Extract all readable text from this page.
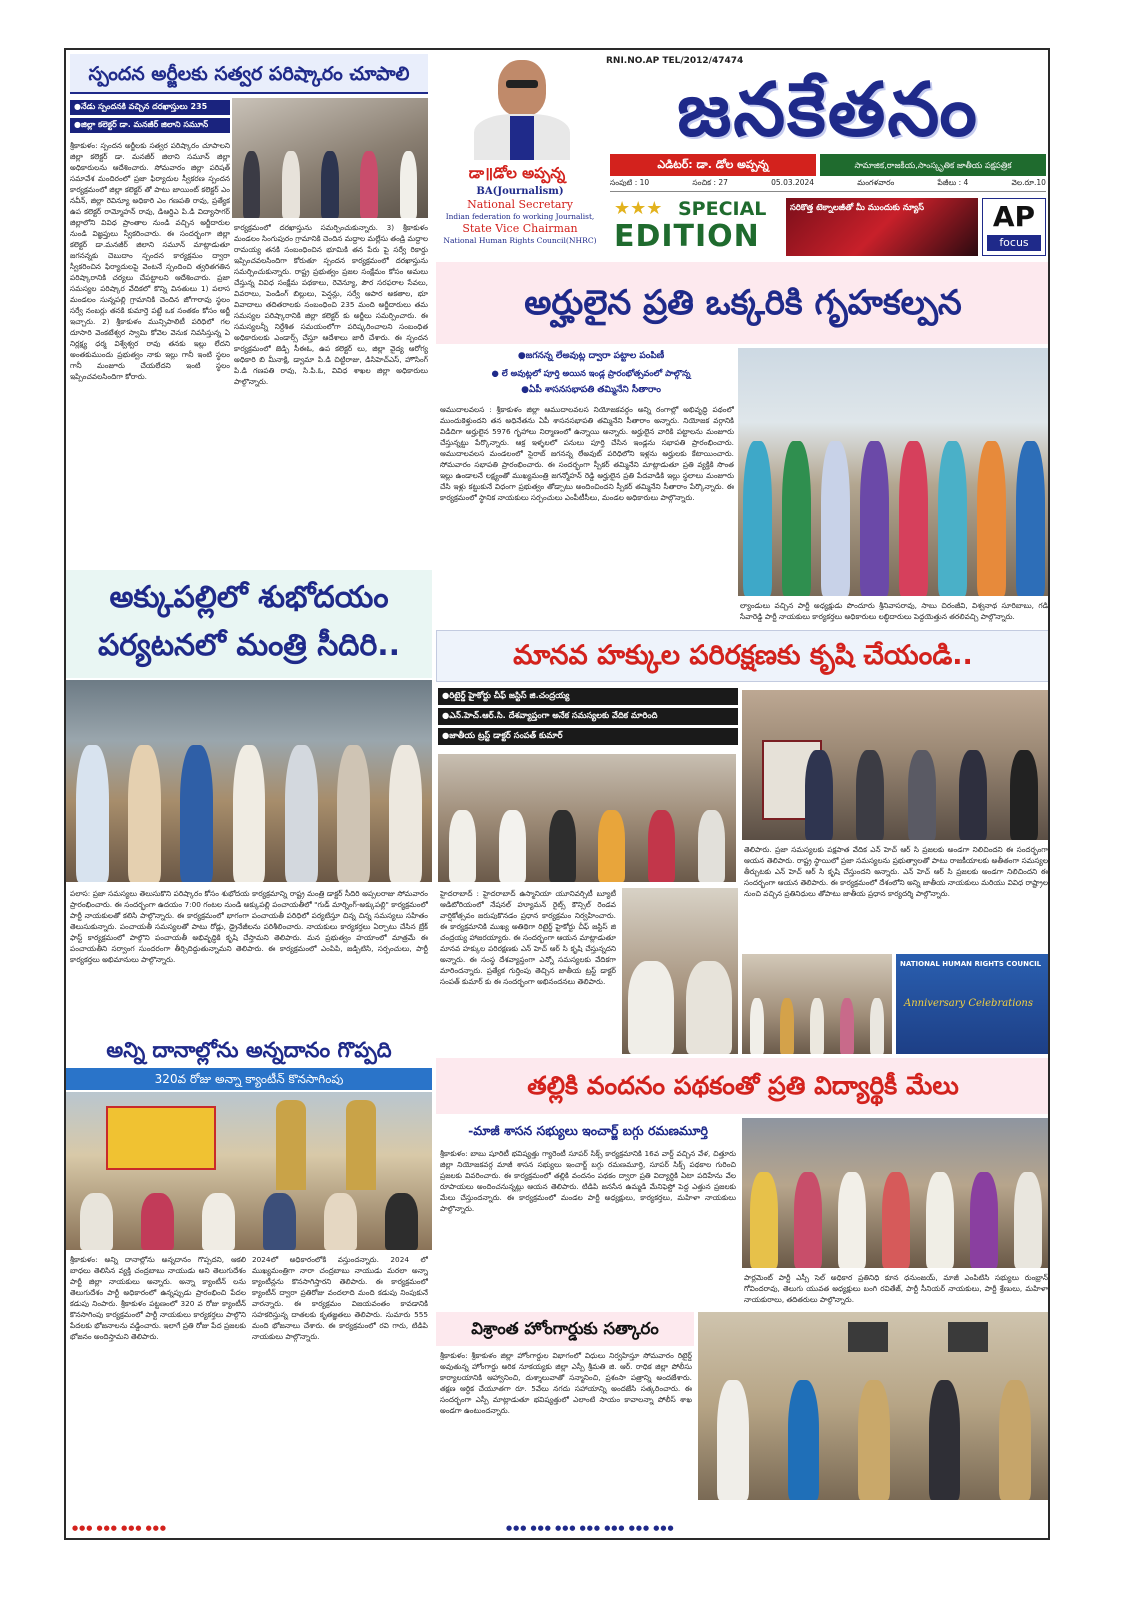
స్పందన అర్జీలకు సత్వర పరిష్కారం చూపాలి
●నేడు స్పందనకి వచ్చిన దరఖాస్తులు 235
●జిల్లా కలెక్టర్ డా. మనజీర్ జిలాని సమూన్
శ్రీకాకుళం: స్పందన అర్జీలకు సత్వర పరిష్కారం చూపాలని జిల్లా కలెక్టర్ డా. మనజీర్ జిలాని సమూన్ జిల్లా అధికారులను ఆదేశించారు. సోమవారం జిల్లా పరిషత్ సమావేశ మందిరంలో ప్రజా ఫిర్యాదుల స్వీకరణ స్పందన కార్యక్రమంలో జిల్లా కలెక్టర్ తో పాటు జాయింట్ కలెక్టర్ ఎం నవీన్, జిల్లా రెవిన్యూ అధికారి ఎం గణపతి రావు, ప్రత్యేక ఉప కలెక్టర్ రామ్మోహన్ రావు, డిఆర్డిఎ పి.డి విద్యాసాగర్ జిల్లాలోని వివిధ ప్రాంతాల నుండి వచ్చిన అర్జీదారుల నుండి విజ్ఞప్తులు స్వీకరించారు. ఈ సందర్భంగా జిల్లా కలెక్టర్ డా.మనజీర్ జిలాని సమూన్ మాట్లాడుతూ జగనన్నకు చెబుదాం స్పందన కార్యక్రమం ద్వారా స్వీకరించిన ఫిర్యాదులపై వెంటనే స్పందించి త్వరితగతిన పరిష్కారానికి చర్యలు చేపట్టాలని ఆదేశించారు. ప్రజా సమస్యల పరిష్కార వేదికలో కొన్ని వినతులు 1) పలాస మండలం సున్నపల్లి గ్రామానికి చెందిన జోగారావు స్థలం సర్వే నంబర్లు తనకి కుమార్తె పట్టే ఒక సంతకం కోసం అర్జీ ఇచ్చారు. 2) శ్రీకాకుళం మున్సిపాలిటీ పరిధిలో గల దూసారి వెంకటేశ్వర స్వామి కోవెల వెనుక నివసిస్తున్న ఏ నిర్లక్ష్య ధర్మ విశ్వేశ్వర రావు తనకు ఇల్లు లేదని అంతకుముందు ప్రభుత్వం నాకు ఇల్లు గానీ ఇంటి స్థలం గానీ మంజూరు చేయలేదని ఇంటి స్థలం ఇప్పించవలసిందిగా కోరారు.
కార్యక్రమంలో దరఖాస్తును సమర్పించుకున్నారు. 3) శ్రీకాకుళం మండలం సింగుపురం గ్రామానికి చెందిన మద్దాల మల్లేసు తండ్రి మద్దాల రామయ్య తనకి సంబంధించిన భూమికి తన పేరు పై సర్వే రికార్డు ఇప్పించవలసిందిగా కోరుతూ స్పందన కార్యక్రమంలో దరఖాస్తును సమర్పించుకున్నారు. రాష్ట్ర ప్రభుత్వం ప్రజల సంక్షేమం కోసం అమలు చేస్తున్న వివిధ సంక్షేమ పథకాలు, రెవెన్యూ, పౌర సరఫరాల సేవలు, వివరాలు, పెండింగ్ బిల్లులు, పెన్షన్లు, సర్వే ఆపార అకతాల, భూ వివాదాలు తదితరాలకు సంబంధించి 235 మంది అర్జీదారులు తమ సమస్యల పరిష్కారానికి జిల్లా కలెక్టర్ కు అర్జీలు సమర్పించారు. ఈ సమస్యలన్నీ నిర్దేశిత సమయంలోగా పరిష్కరించాలని సంబంధిత అధికారులకు ఎండార్స్ చేస్తూ ఆదేశాలు జారీ చేశారు. ఈ స్పందన కార్యక్రమంలో జెడ్పి సీఈఓ, ఉప కలెక్టర్ లు, జిల్లా వైద్య ఆరోగ్య అధికారి బి మీనాక్షి, డ్వామా పి.డి చిట్టిరాజు, డిసిహెచ్ఎస్, హౌసింగ్ పి.డి గణపతి రావు, సి.పి.ఓ, వివిధ శాఖల జిల్లా అధికారులు పాల్గొన్నారు.
అక్కుపల్లిలో శుభోదయం
పర్యటనలో మంత్రి సీదిరి..
పలాస: ప్రజా సమస్యలు తెలుసుకొని పరిష్కారం కోసం శుభోదయ కార్యక్రమాన్ని రాష్ట్ర మంత్రి డాక్టర్ సీదిరి అప్పలరాజు సోమవారం ప్రారంభించారు. ఈ సందర్భంగా ఉదయం 7:00 గంటల నుండి అక్కుపల్లి పంచాయతీలో "గుడ్ మార్నింగ్-అక్కుపల్లి" కార్యక్రమంలో పార్టీ నాయకులతో కలిసి పాల్గొన్నారు. ఈ కార్యక్రమంలో భాగంగా పంచాయతీ పరిధిలో పర్యటిస్తూ చిన్న చిన్న సమస్యలు సహితం తెలుసుకున్నారు. పంచాయతీ సమస్యలతో పాటు రోడ్లు, డ్రైనేజీలను పరిశీలించారు. నాయకులు కార్యకర్తలు ఏర్పాటు చేసిన బ్రేక్ ఫాస్ట్ కార్యక్రమంలో పాల్గొని పంచాయతీ అభివృద్ధికి కృషి చేస్తామని తెలిపారు. మన ప్రభుత్వం హయాంలో మాత్రమే ఈ పంచాయతీని సర్వాంగ సుందరంగా తీర్చిదిద్దుతున్నామని తెలిపారు. ఈ కార్యక్రమంలో ఎంపిపి, జడ్పిటిసి, సర్పంచులు, పార్టీ కార్యకర్తలు అభిమానులు పాల్గొన్నారు.
అన్ని దానాల్లోను అన్నదానం గొప్పది
320వ రోజు అన్నా క్యాంటీన్ కొనసాగింపు
శ్రీకాకుళం: అన్ని దానాల్లోను అన్నదానం గొప్పదని, ఆకలి బాధలు తెలిసిన వ్యక్తి చంద్రబాబు నాయుడు అని తెలుగుదేశం పార్టీ జిల్లా నాయకులు అన్నారు. అన్నా క్యాంటీన్ లను తెలుగుదేశం పార్టీ అధికారంలో ఉన్నప్పుడు ప్రారంభించి పేదల కడుపు నింపారు. శ్రీకాకుళం పట్టణంలో 320 వ రోజు క్యాంటీన్ కొనసాగింపు కార్యక్రమంలో పార్టీ నాయకులు కార్యకర్తలు పాల్గొని పేదలకు భోజనాలను వడ్డించారు. ఇలాగే ప్రతి రోజు పేద ప్రజలకు భోజనం అందిస్తామని తెలిపారు.
2024లో అధికారంలోకి వస్తుందన్నారు. 2024 లో ముఖ్యమంత్రిగా నారా చంద్రబాబు నాయుడు మరలా అన్నా క్యాంటీన్లను కొనసాగిస్తారని తెలిపారు. ఈ కార్యక్రమంలో క్యాంటీన్ ద్వారా ప్రతిరోజు వందలాది మంది కడుపు నింపుకునే వారన్నారు. ఈ కార్యక్రమం విజయవంతం కావడానికి సహకరిస్తున్న దాతలకు కృతజ్ఞతలు తెలిపారు. సుమారు 555 మంది భోజనాలు చేశారు. ఈ కార్యక్రమంలో రవి గారు, టిడిపి నాయకులు పాల్గొన్నారు.
RNI.NO.AP TEL/2012/47474
డా॥డోల అప్పన్న
BA(Journalism)
National Secretary
Indian federation fo working Journalist,
State Vice Chairman
National Human Rights Council(NHRC)
జనకేతనం
ఎడిటర్: డా. డోల అప్పన్న	సామాజిక,రాజకీయ,సాంస్కృతిక జాతీయ పక్షపత్రిక
సంపుటి : 10	సంచిక : 27	05.03.2024	మంగళవారం	పేజీలు : 4	వెల.రూ.10
★★★ SPECIAL
EDITION
సరికొత్త టెక్నాలజీతో మీ ముందుకు న్యూస్	AP
focus
అర్హులైన ప్రతి ఒక్కరికి గృహకల్పన
●జగనన్న లేఅవుట్ల ద్వారా పట్టాల పంపిణీ
● లే అవుట్లలో పూర్తి అయిన ఇండ్ల ప్రారంభోత్సవంలో పాల్గొన్న
●ఏపీ శాసనసభాపతి తమ్మినేని సీతారాం
ఆముదాలవలస : శ్రీకాకుళం జిల్లా ఆముదాలవలస నియోజకవర్గం అన్ని రంగాల్లో అభివృద్ధి పథంలో ముందుకెళ్తుందని తన అధినేతను ఏపీ శాసనసభాపతి తమ్మినేని సీతారాం అన్నారు. నియోజక వర్గానికి విడిదిగా అర్హులైన 5976 గృహాలు నిర్మాణంలో ఉన్నాయి అన్నారు. అర్హులైన వారికి పట్టాలను మంజూరు చేస్తున్నట్టు పేర్కొన్నారు. ఆక్ర ఇళ్ళలలో పనులు పూర్తి చేసిన ఇండ్లను సభాపతి ప్రారంభించారు. ఆముదాలవలస మండలంలో సైరాబ్ జగనన్న లేఅవుట్ పరిధిలోని ఇళ్లను అర్హులకు కేటాయించారు. సోమవారం సభాపతి ప్రారంభించారు. ఈ సందర్భంగా స్పీకర్ తమ్మినేని మాట్లాడుతూ ప్రతి వ్యక్తికి సొంత ఇల్లు ఉండాలనే లక్ష్యంతో ముఖ్యమంత్రి జగన్మోహన్ రెడ్డి అర్హులైన ప్రతి పేదవాడికి ఇల్లు స్థలాలు మంజూరు చేసి ఇళ్లు కట్టుకునే విధంగా ప్రభుత్వం తోడ్పాటు అందించిందని స్పీకర్ తమ్మినేని సీతారాం పేర్కొన్నారు. ఈ కార్యక్రమంలో స్థానిక నాయకులు సర్పంచులు ఎంపీటీసీలు, మండల అధికారులు పాల్గొన్నారు.
ల్యాండులు వచ్చిన పార్టీ అధ్యక్షుడు పొందూరు శ్రీనివాసరావు, సాబు చిరంజీవి, విశ్వనాథ సూరిబాబు, గడి సేవారెడ్డి పార్టీ నాయకులు కార్యకర్తలు అధికారులు లబ్ధిదారులు పెద్దయెత్తున తరలివచ్చి పాల్గొన్నారు.
మానవ హక్కుల పరిరక్షణకు కృషి చేయండి..
●రిటైర్డ్ హైకోర్టు చీఫ్ జస్టిస్ జి.చంద్రయ్య
●ఎన్.హెచ్.ఆర్.సి. దేశవ్యాప్తంగా అనేక సమస్యలకు వేదిక మారింది
●జాతీయ ట్రస్ట్ డాక్టర్ సంపత్ కుమార్
తెలిపారు. ప్రజా సమస్యలకు పక్షపాత వేదిక ఎన్ హెచ్ ఆర్ సి ప్రజలకు అండగా నిలిచిందని ఈ సందర్భంగా ఆయన తెలిపారు. రాష్ట్ర స్థాయిలో ప్రజా సమస్యలను ప్రభుత్వాలతో పాటు రాజకీయాలకు అతీతంగా సమస్యల తీర్చుటకు ఎన్ హెచ్ ఆర్ సి కృషి చేస్తుందని అన్నారు. ఎన్ హెచ్ ఆర్ సి ప్రజలకు అండగా నిలిచిందని ఈ సందర్భంగా ఆయన తెలిపారు. ఈ కార్యక్రమంలో దేశంలోని అన్ని జాతీయ నాయకులు మరియు వివిధ రాష్ట్రాల నుంచి వచ్చిన ప్రతినిధులు తోపాటు జాతీయ ప్రధాన కార్యదర్శి పాల్గొన్నారు.
హైదరాబాద్ : హైదరాబాద్ ఉస్మానియా యూనివర్సిటీ బ్యూటీ ఆడిటోరియంలో నేషనల్ హ్యూమన్ రైట్స్ కౌన్సిల్ రెండవ వార్షికోత్సవం జరుపుకొనడం ప్రధాన కార్యక్రమం నిర్వహించారు. ఈ కార్యక్రమానికి ముఖ్య అతిథిగా రిటైర్డ్ హైకోర్టు చీఫ్ జస్టిస్ జి చంద్రయ్య హాజరయ్యారు. ఈ సందర్భంగా ఆయన మాట్లాడుతూ మానవ హక్కుల పరిరక్షణకు ఎన్ హెచ్ ఆర్ సి కృషి చేస్తున్నదని అన్నారు. ఈ సంస్థ దేశవ్యాప్తంగా ఎన్నో సమస్యలకు వేదికగా మారిందన్నారు. ప్రత్యేక గుర్తింపు తెచ్చిన జాతీయ ట్రస్ట్ డాక్టర్ సంపత్ కుమార్ కు ఈ సందర్భంగా అభినందనలు తెలిపారు.
NATIONAL HUMAN RIGHTS COUNCIL
Anniversary Celebrations
తల్లికి వందనం పథకంతో ప్రతి విద్యార్థికీ మేలు
-మాజీ శాసన సభ్యులు ఇంచార్జ్ బగ్గు రమణమూర్తి
శ్రీకాకుళం: బాబు షూరిటీ భవిష్యత్తు గ్యారెంటీ సూపర్ సిక్స్ కార్యక్రమానికి 16వ వార్డ్ వచ్చిన వేళ, చిత్తూరు జిల్లా నియోజకవర్గ మాజీ శాసన సభ్యులు ఇంచార్జ్ బగ్గు రమణమూర్తి, సూపర్ సిక్స్ పథకాల గురించి ప్రజలకు వివరించారు. ఈ కార్యక్రమంలో తల్లికి వందనం పథకం ద్వారా ప్రతి విద్యార్థికి ఏటా పదిహేను వేల రూపాయలు అందించనున్నట్లు ఆయన తెలిపారు. టిడిపి జనసేన ఉమ్మడి మేనిఫెస్టో పెద్ద ఎత్తున ప్రజలకు మేలు చేస్తుందన్నారు. ఈ కార్యక్రమంలో మండల పార్టీ అధ్యక్షులు, కార్యకర్తలు, మహిళా నాయకులు పాల్గొన్నారు.
పార్లమెంట్ పార్టీ ఎస్సీ సెల్ అధికార ప్రతినిధి కూన ధనుంజయ్, మాజీ ఎంపిటిసి సభ్యులు రుంభ్రాన్ గోవిందరావు, తెలుగు యువత అధ్యక్షులు బంగి రవితేజ్, పార్టీ సీనియర్ నాయకులు, పార్టీ శ్రేణులు, మహిళా నాయకురాలు, తదితరులు పాల్గొన్నారు.
విశ్రాంత హోంగార్డుకు సత్కారం
శ్రీకాకుళం: శ్రీకాకుళం జిల్లా హోంగార్డుల విభాగంలో విధులు నిర్వహిస్తూ సోమవారం రిటైర్డ్ అవుతున్న హోంగార్డు అరిక నూకయ్యకు జిల్లా ఎస్పీ శ్రీమతి జి. ఆర్. రాధిక జిల్లా పోలీసు కార్యాలయానికి ఆహ్వానించి, దుశ్శాలువాతో సన్మానించి, ప్రశంసా పత్రాన్ని అందజేశారు. తక్షణ ఆర్థిక చేయూతగా రూ. 5వేలు నగదు సహాయాన్ని అందజేసి సత్కరించారు. ఈ సందర్భంగా ఎస్పీ మాట్లాడుతూ భవిష్యత్తులో ఎలాంటి సాయం కావాలన్నా పోలీస్ శాఖ అండగా ఉంటుందన్నారు.
●●● ●●● ●●● ●●●	●●● ●●● ●●● ●●● ●●● ●●● ●●●
